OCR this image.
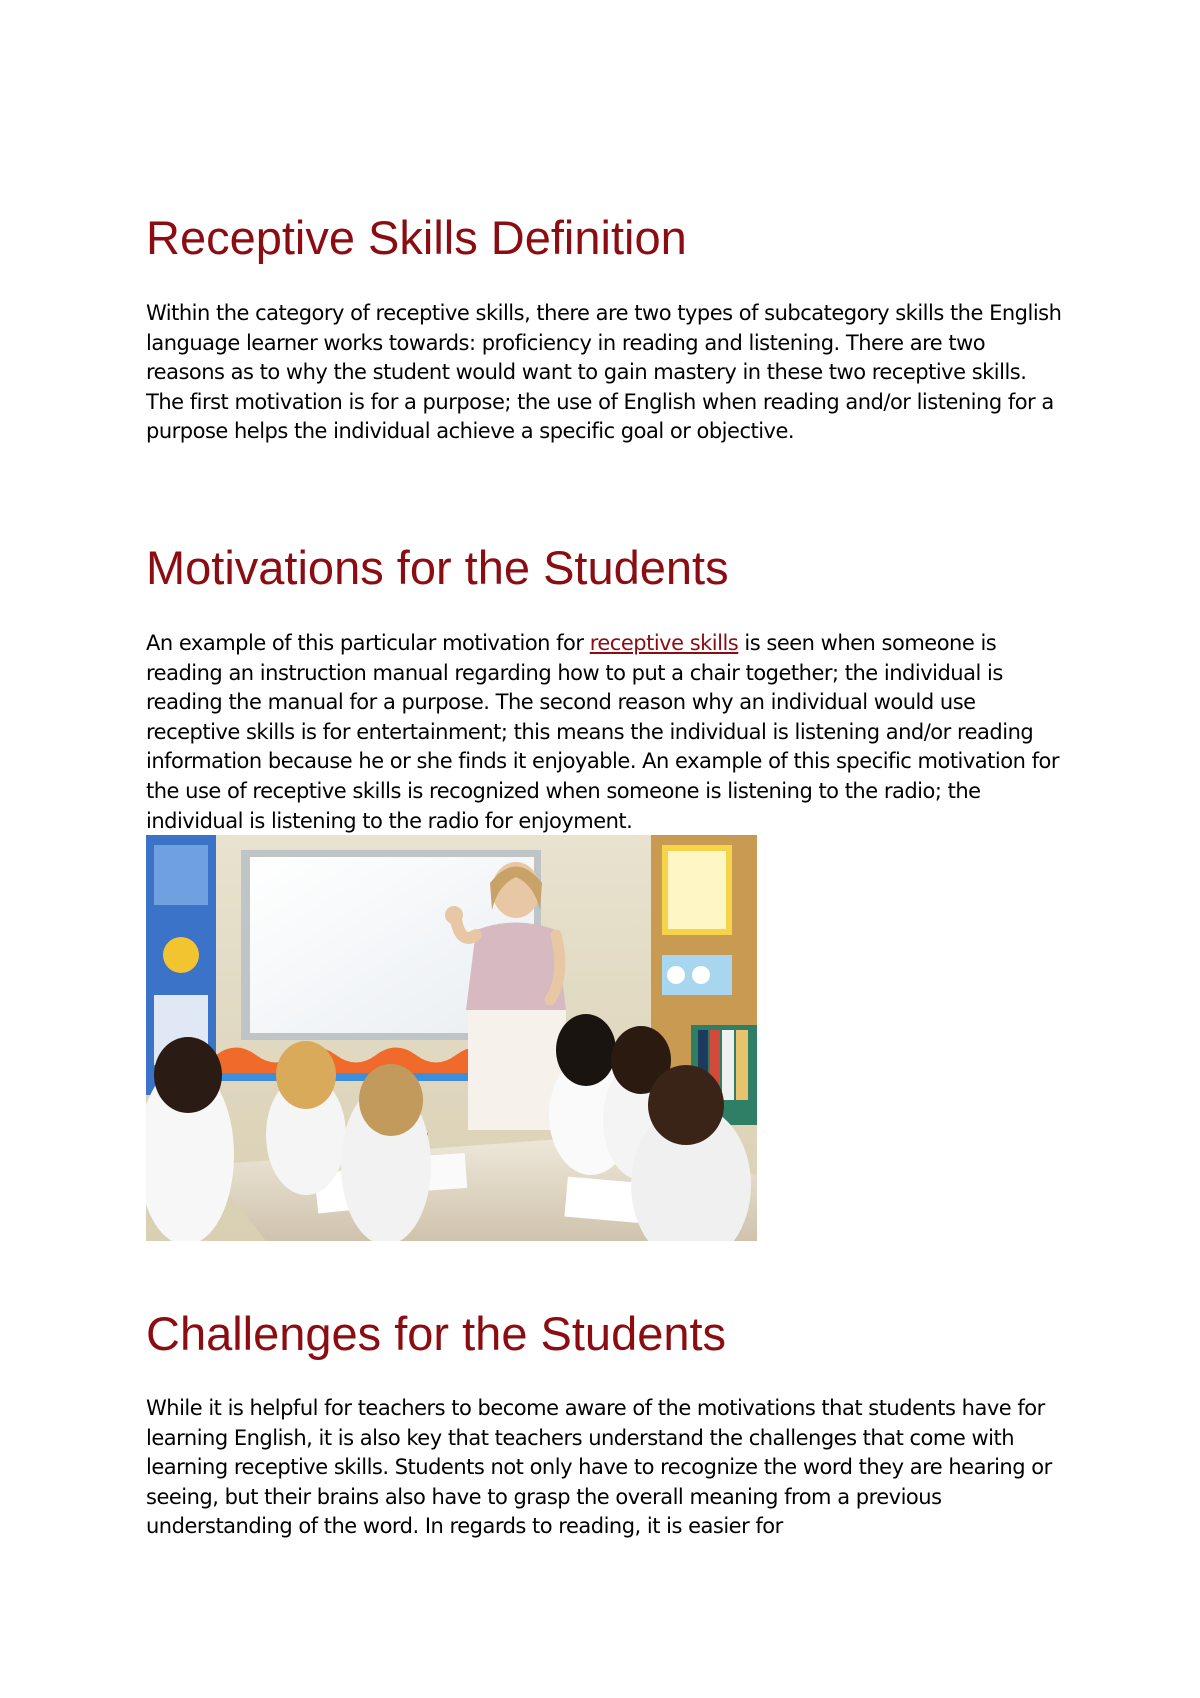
Receptive Skills Definition

Within the category of receptive skills, there are two types of subcategory skills the English language learner works towards: proficiency in reading and listening. There are two reasons as to why the student would want to gain mastery in these two receptive skills. The first motivation is for a purpose; the use of English when reading and/or listening for a purpose helps the individual achieve a specific goal or objective.

Motivations for the Students

An example of this particular motivation for receptive skills is seen when someone is reading an instruction manual regarding how to put a chair together; the individual is reading the manual for a purpose. The second reason why an individual would use receptive skills is for entertainment; this means the individual is listening and/or reading information because he or she finds it enjoyable. An example of this specific motivation for the use of receptive skills is recognized when someone is listening to the radio; the individual is listening to the radio for enjoyment.

Challenges for the Students

While it is helpful for teachers to become aware of the motivations that students have for learning English, it is also key that teachers understand the challenges that come with learning receptive skills. Students not only have to recognize the word they are hearing or seeing, but their brains also have to grasp the overall meaning from a previous understanding of the word. In regards to reading, it is easier for
